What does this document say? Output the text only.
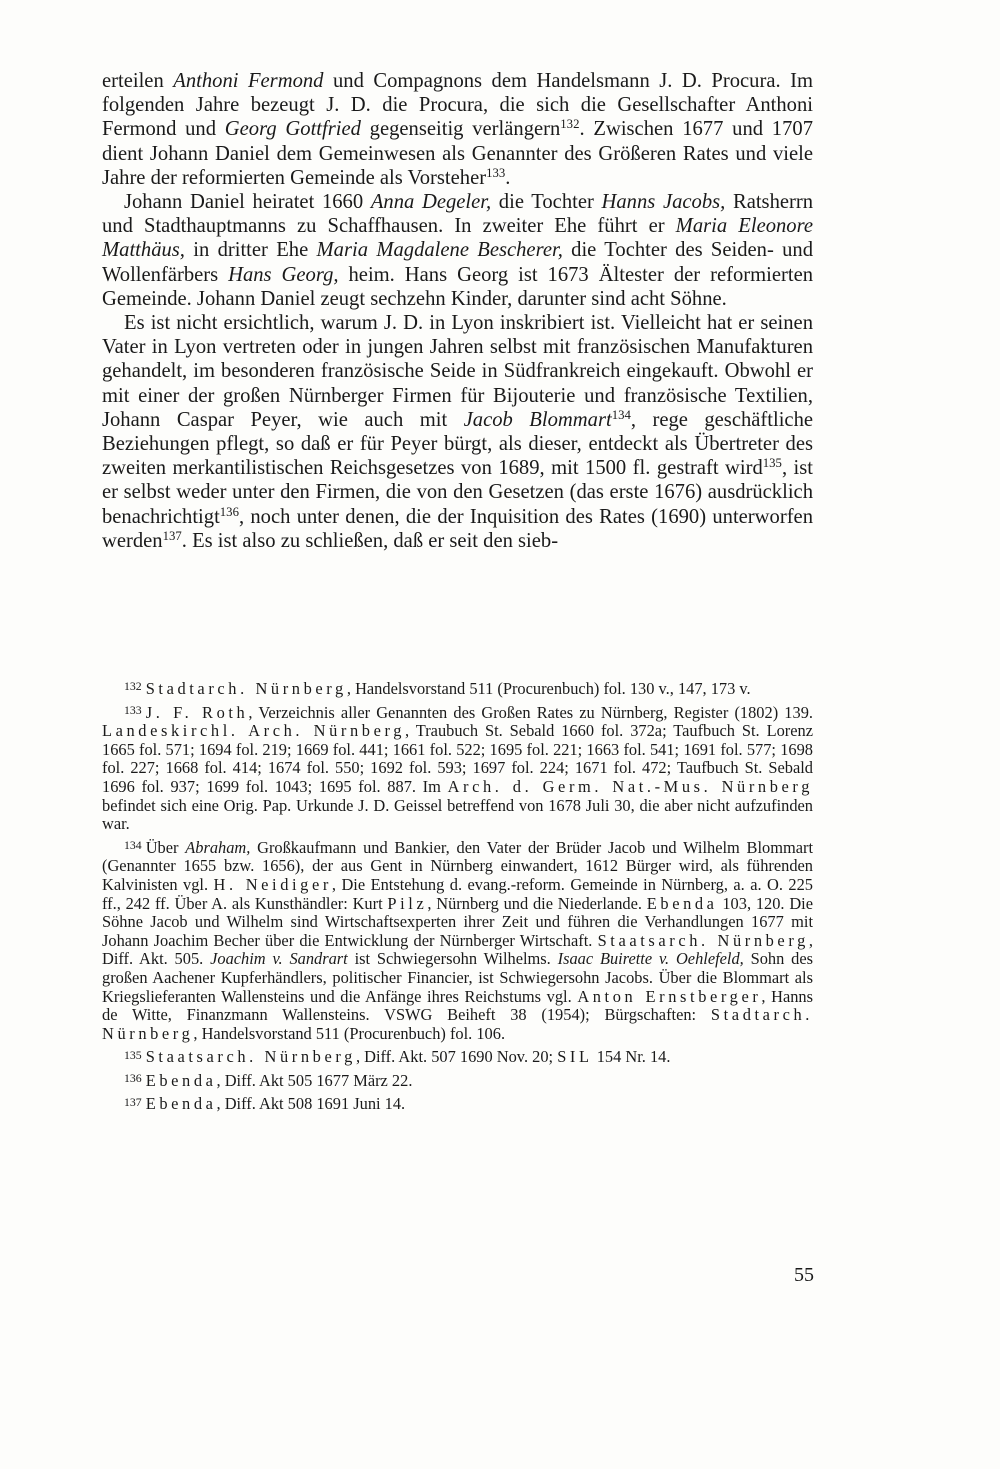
erteilen Anthoni Fermond und Compagnons dem Handelsmann J. D. Procura. Im folgenden Jahre bezeugt J. D. die Procura, die sich die Gesellschafter Anthoni Fermond und Georg Gottfried gegenseitig verlängern$^{132}$. Zwischen 1677 und 1707 dient Johann Daniel dem Gemeinwesen als Genannter des Größeren Rates und viele Jahre der reformierten Gemeinde als Vorsteher$^{133}$.

Johann Daniel heiratet 1660 Anna Degeler, die Tochter Hanns Jacobs, Ratsherrn und Stadthauptmanns zu Schaffhausen. In zweiter Ehe führt er Maria Eleonore Matthäus, in dritter Ehe Maria Magdalene Bescherer, die Tochter des Seiden- und Wollenfärbers Hans Georg, heim. Hans Georg ist 1673 Ältester der reformierten Gemeinde. Johann Daniel zeugt sechzehn Kinder, darunter sind acht Söhne.

Es ist nicht ersichtlich, warum J. D. in Lyon inskribiert ist. Vielleicht hat er seinen Vater in Lyon vertreten oder in jungen Jahren selbst mit französischen Manufakturen gehandelt, im besonderen französische Seide in Südfrankreich eingekauft. Obwohl er mit einer der großen Nürnberger Firmen für Bijouterie und französische Textilien, Johann Caspar Peyer, wie auch mit Jacob Blommart$^{134}$, rege geschäftliche Beziehungen pflegt, so daß er für Peyer bürgt, als dieser, entdeckt als Übertreter des zweiten merkantilistischen Reichsgesetzes von 1689, mit 1500 fl. gestraft wird$^{135}$, ist er selbst weder unter den Firmen, die von den Gesetzen (das erste 1676) ausdrücklich benachrichtigt$^{136}$, noch unter denen, die der Inquisition des Rates (1690) unterworfen werden$^{137}$. Es ist also zu schließen, daß er seit den sieb-

$^{132}$ Stadtarch. Nürnberg, Handelsvorstand 511 (Procurenbuch) fol. 130 v., 147, 173 v.

$^{133}$ J. F. Roth, Verzeichnis aller Genannten des Großen Rates zu Nürnberg, Register (1802) 139. Landeskirchl. Arch. Nürnberg, Traubuch St. Sebald 1660 fol. 372a; Taufbuch St. Lorenz 1665 fol. 571; 1694 fol. 219; 1669 fol. 441; 1661 fol. 522; 1695 fol. 221; 1663 fol. 541; 1691 fol. 577; 1698 fol. 227; 1668 fol. 414; 1674 fol. 550; 1692 fol. 593; 1697 fol. 224; 1671 fol. 472; Taufbuch St. Sebald 1696 fol. 937; 1699 fol. 1043; 1695 fol. 887. Im Arch. d. Germ. Nat.-Mus. Nürnberg befindet sich eine Orig. Pap. Urkunde J. D. Geissel betreffend von 1678 Juli 30, die aber nicht aufzufinden war.

$^{134}$ Über Abraham, Großkaufmann und Bankier, den Vater der Brüder Jacob und Wilhelm Blommart (Genannter 1655 bzw. 1656), der aus Gent in Nürnberg einwandert, 1612 Bürger wird, als führenden Kalvinisten vgl. H. Neidiger, Die Entstehung d. evang.-reform. Gemeinde in Nürnberg, a. a. O. 225 ff., 242 ff. Über A. als Kunsthändler: Kurt Pilz, Nürnberg und die Niederlande. Ebenda 103, 120. Die Söhne Jacob und Wilhelm sind Wirtschaftsexperten ihrer Zeit und führen die Verhandlungen 1677 mit Johann Joachim Becher über die Entwicklung der Nürnberger Wirtschaft. Staatsarch. Nürnberg, Diff. Akt. 505. Joachim v. Sandrart ist Schwiegersohn Wilhelms. Isaac Buirette v. Oehlefeld, Sohn des großen Aachener Kupferhändlers, politischer Financier, ist Schwiegersohn Jacobs. Über die Blommart als Kriegslieferanten Wallensteins und die Anfänge ihres Reichstums vgl. Anton Ernstberger, Hanns de Witte, Finanzmann Wallensteins. VSWG Beiheft 38 (1954); Bürgschaften: Stadtarch. Nürnberg, Handelsvorstand 511 (Procurenbuch) fol. 106.

$^{135}$ Staatsarch. Nürnberg, Diff. Akt. 507 1690 Nov. 20; SIL 154 Nr. 14.

$^{136}$ Ebenda, Diff. Akt 505 1677 März 22.

$^{137}$ Ebenda, Diff. Akt 508 1691 Juni 14.

55
